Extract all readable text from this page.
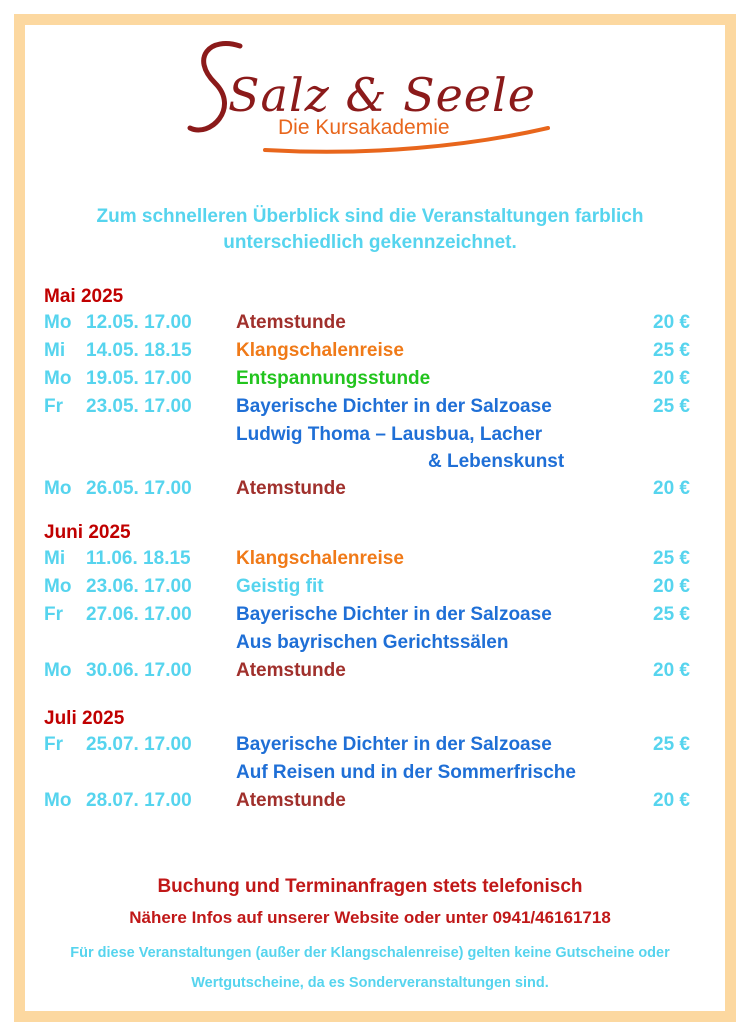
Salz & Seele
Die Kursakademie
Zum schnelleren Überblick sind die Veranstaltungen farblich unterschiedlich gekennzeichnet.
Mai 2025
Mo 12.05. 17.00 Atemstunde	20 €
Mi 14.05. 18.15 Klangschalenreise	25 €
Mo 19.05. 17.00 Entspannungsstunde	20 €
Fr 23.05. 17.00 Bayerische Dichter in der Salzoase	25 €
Ludwig Thoma – Lausbua, Lacher
& Lebenskunst
Mo 26.05. 17.00 Atemstunde	20 €
Juni 2025
Mi 11.06. 18.15 Klangschalenreise	25 €
Mo 23.06. 17.00 Geistig fit	20 €
Fr 27.06. 17.00 Bayerische Dichter in der Salzoase	25 €
Aus bayrischen Gerichtssälen
Mo 30.06. 17.00 Atemstunde	20 €
Juli 2025
Fr 25.07. 17.00 Bayerische Dichter in der Salzoase	25 €
Auf Reisen und in der Sommerfrische
Mo 28.07. 17.00 Atemstunde	20 €
Buchung und Terminanfragen stets telefonisch
Nähere Infos auf unserer Website oder unter 0941/46161718
Für diese Veranstaltungen (außer der Klangschalenreise) gelten keine Gutscheine oder Wertgutscheine, da es Sonderveranstaltungen sind.
